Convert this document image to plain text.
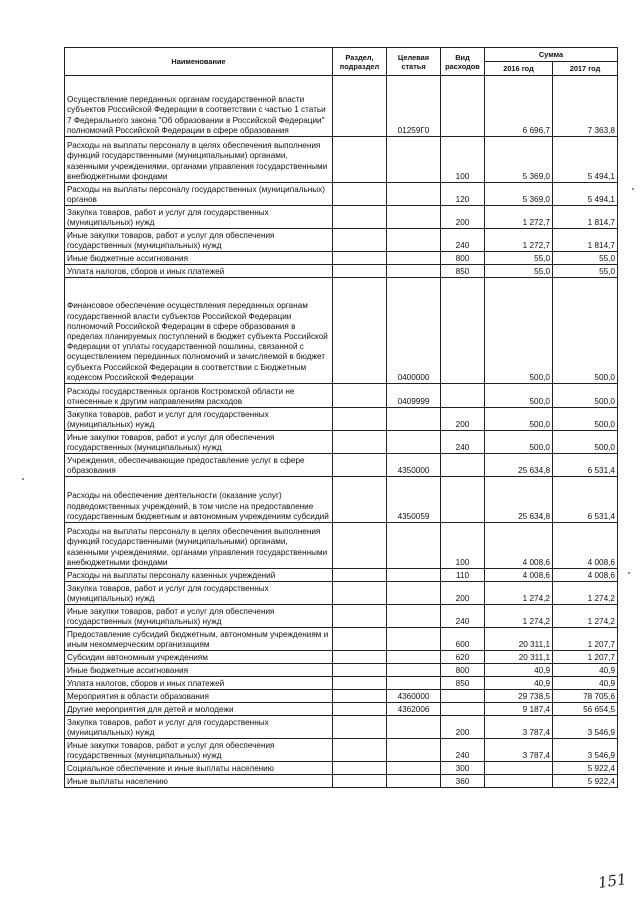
Наименование	Раздел, подраздел	Целевая статья	Вид расходов	Сумма	
				2016 год	2017 год
Осуществление переданных органам государственной власти субъектов Российской Федерации в соответствии с частью 1 статьи 7 Федерального закона "Об образовании в Российской Федерации" полномочий Российской Федерации в сфере образования		01259Г0		6 696,7	7 363,8
Расходы на выплаты персоналу в целях обеспечения выполнения функций государственными (муниципальными) органами, казенными учреждениями, органами управления государственными внебюджетными фондами			100	5 369,0	5 494,1
Расходы на выплаты персоналу государственных (муниципальных) органов			120	5 369,0	5 494,1
Закупка товаров, работ и услуг для государственных (муниципальных) нужд			200	1 272,7	1 814,7
Иные закупки товаров, работ и услуг для обеспечения государственных (муниципальных) нужд			240	1 272,7	1 814,7
Иные бюджетные ассигнования			800	55,0	55,0
Уплата налогов, сборов и иных платежей			850	55,0	55,0
Финансовое обеспечение осуществления переданных органам государственной власти субъектов Российской Федерации полномочий Российской Федерации в сфере образования в пределах планируемых поступлений в бюджет субъекта Российской Федерации от уплаты государственной пошлины, связанной с осуществлением переданных полномочий и зачисляемой в бюджет субъекта Российской Федерации в соответствии с Бюджетным кодексом Российской Федерации		0400000		500,0	500,0
Расходы государственных органов Костромской области не отнесенные к другим направлениям расходов		0409999		500,0	500,0
Закупка товаров, работ и услуг для государственных (муниципальных) нужд			200	500,0	500,0
Иные закупки товаров, работ и услуг для обеспечения государственных (муниципальных) нужд			240	500,0	500,0
Учреждения, обеспечивающие предоставление услуг в сфере образования		4350000		25 634,8	6 531,4
Расходы на обеспечение деятельности (оказание услуг) подведомственных учреждений, в том числе на предоставление государственным бюджетным и автономным учреждениям субсидий		4350059		25 634,8	6 531,4
Расходы на выплаты персоналу в целях обеспечения выполнения функций государственными (муниципальными) органами, казенными учреждениями, органами управления государственными внебюджетными фондами			100	4 008,6	4 008,6
Расходы на выплаты персоналу казенных учреждений			110	4 008,6	4 008,6
Закупка товаров, работ и услуг для государственных (муниципальных) нужд			200	1 274,2	1 274,2
Иные закупки товаров, работ и услуг для обеспечения государственных (муниципальных) нужд			240	1 274,2	1 274,2
Предоставление субсидий бюджетным, автономным учреждениям и иным некоммерческим организациям			600	20 311,1	1 207,7
Субсидии автономным учреждениям			620	20 311,1	1 207,7
Иные бюджетные ассигнования			800	40,9	40,9
Уплата налогов, сборов и иных платежей			850	40,9	40,9
Мероприятия в области образования		4360000		29 738,5	78 705,6
Другие мероприятия для детей и молодежи		4362006		9 187,4	56 654,5
Закупка товаров, работ и услуг для государственных (муниципальных) нужд			200	3 787,4	3 546,9
Иные закупки товаров, работ и услуг для обеспечения государственных (муниципальных) нужд			240	3 787,4	3 546,9
Социальное обеспечение и иные выплаты населению			300		5 922,4
Иные выплаты населению			360		5 922,4
151
